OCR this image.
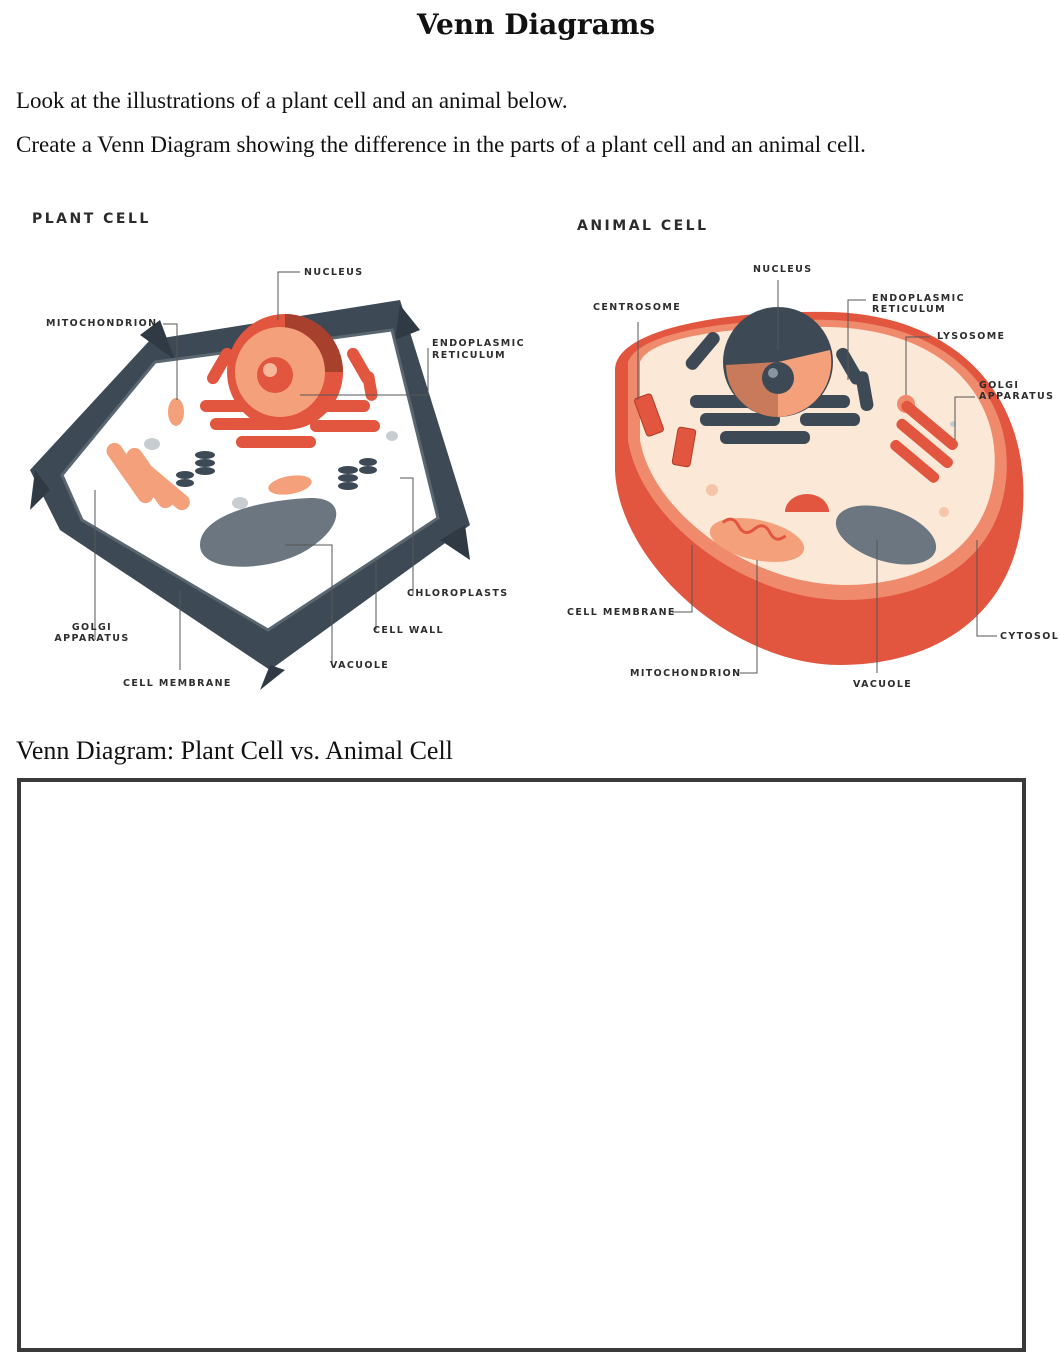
Venn Diagrams
Look at the illustrations of a plant cell and an animal below.
Create a Venn Diagram showing the difference in the parts of a plant cell and an animal cell.
PLANT CELL
NUCLEUS
MITOCHONDRION
ENDOPLASMIC
RETICULUM
CHLOROPLASTS
GOLGI
APPARATUS
CELL WALL
VACUOLE
CELL MEMBRANE
ANIMAL CELL
NUCLEUS
CENTROSOME
ENDOPLASMIC
RETICULUM
LYSOSOME
GOLGI
APPARATUS
CELL MEMBRANE
CYTOSOL
MITOCHONDRION
VACUOLE
Venn Diagram: Plant Cell vs. Animal Cell
